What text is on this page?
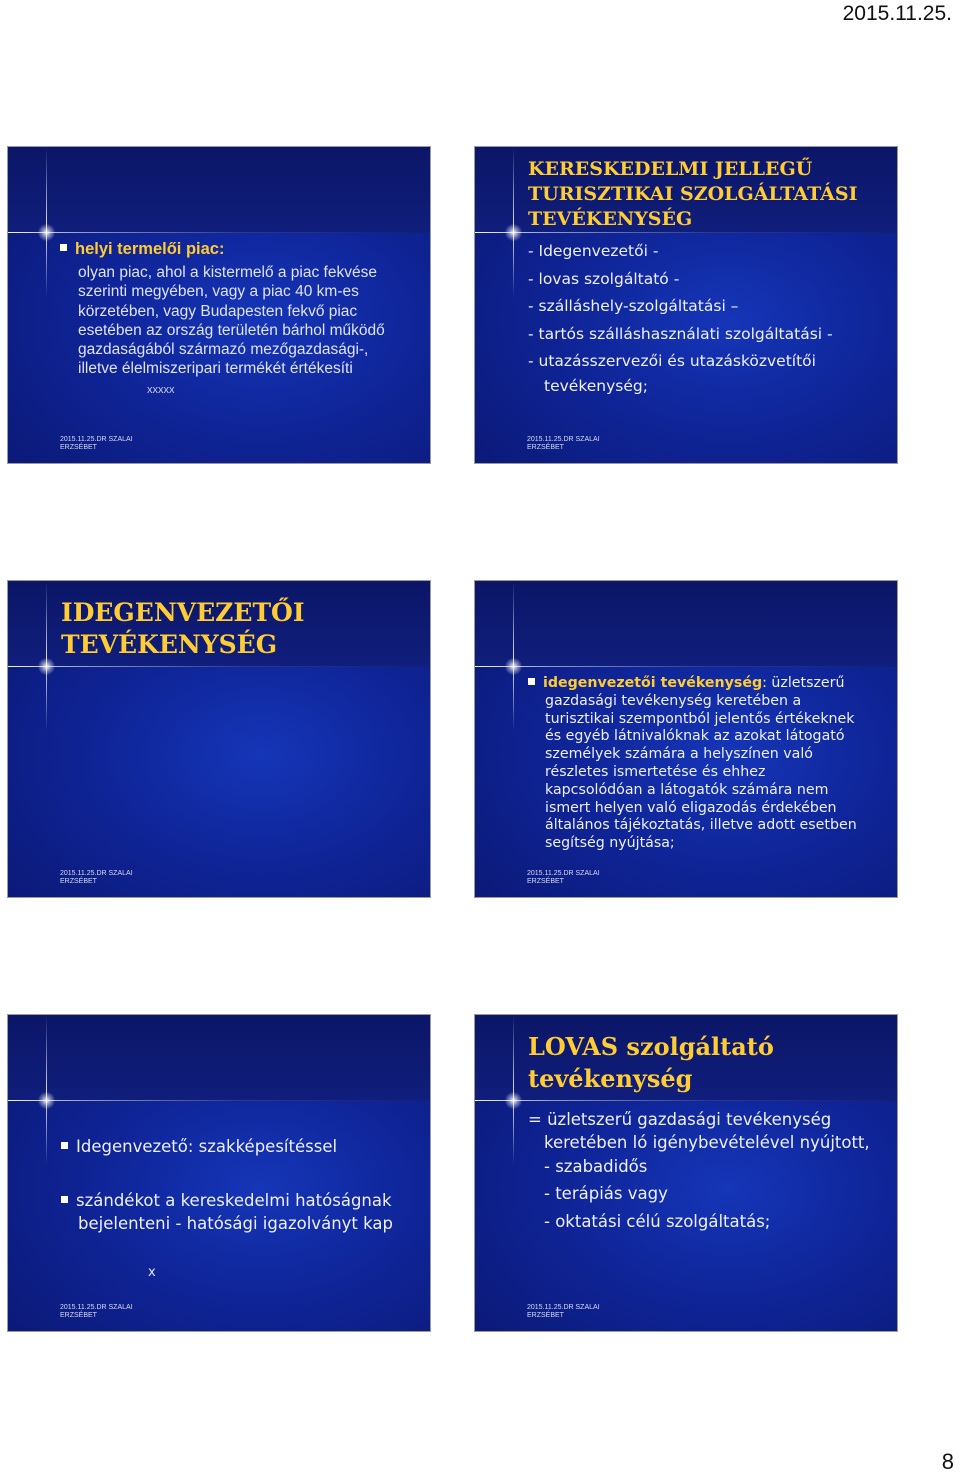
2015.11.25.
helyi termelői piac:
olyan piac, ahol a kistermelő a piac fekvése
szerinti megyében, vagy a piac 40 km-es
körzetében, vagy Budapesten fekvő piac
esetében az ország területén bárhol működő
gazdaságából származó mezőgazdasági-,
illetve élelmiszeripari termékét értékesíti
xxxxx
2015.11.25.DR SZALAI
ERZSÉBET
KERESKEDELMI JELLEGŰ
TURISZTIKAI SZOLGÁLTATÁSI
TEVÉKENYSÉG
- Idegenvezetői -
- lovas szolgáltató -
- szálláshely-szolgáltatási –
- tartós szálláshasználati szolgáltatási -
- utazásszervezői és utazásközvetítői
tevékenység;
2015.11.25.DR SZALAI
ERZSÉBET
IDEGENVEZETŐI
TEVÉKENYSÉG
2015.11.25.DR SZALAI
ERZSÉBET
idegenvezetői tevékenység: üzletszerű
gazdasági tevékenység keretében a
turisztikai szempontból jelentős értékeknek
és egyéb látnivalóknak az azokat látogató
személyek számára a helyszínen való
részletes ismertetése és ehhez
kapcsolódóan a látogatók számára nem
ismert helyen való eligazodás érdekében
általános tájékoztatás, illetve adott esetben
segítség nyújtása;
2015.11.25.DR SZALAI
ERZSÉBET
Idegenvezető: szakképesítéssel
szándékot a kereskedelmi hatóságnak
bejelenteni - hatósági igazolványt kap
x
2015.11.25.DR SZALAI
ERZSÉBET
LOVAS szolgáltató
tevékenység
= üzletszerű gazdasági tevékenység
keretében ló igénybevételével nyújtott,
- szabadidős
- terápiás vagy
- oktatási célú szolgáltatás;
2015.11.25.DR SZALAI
ERZSÉBET
8
